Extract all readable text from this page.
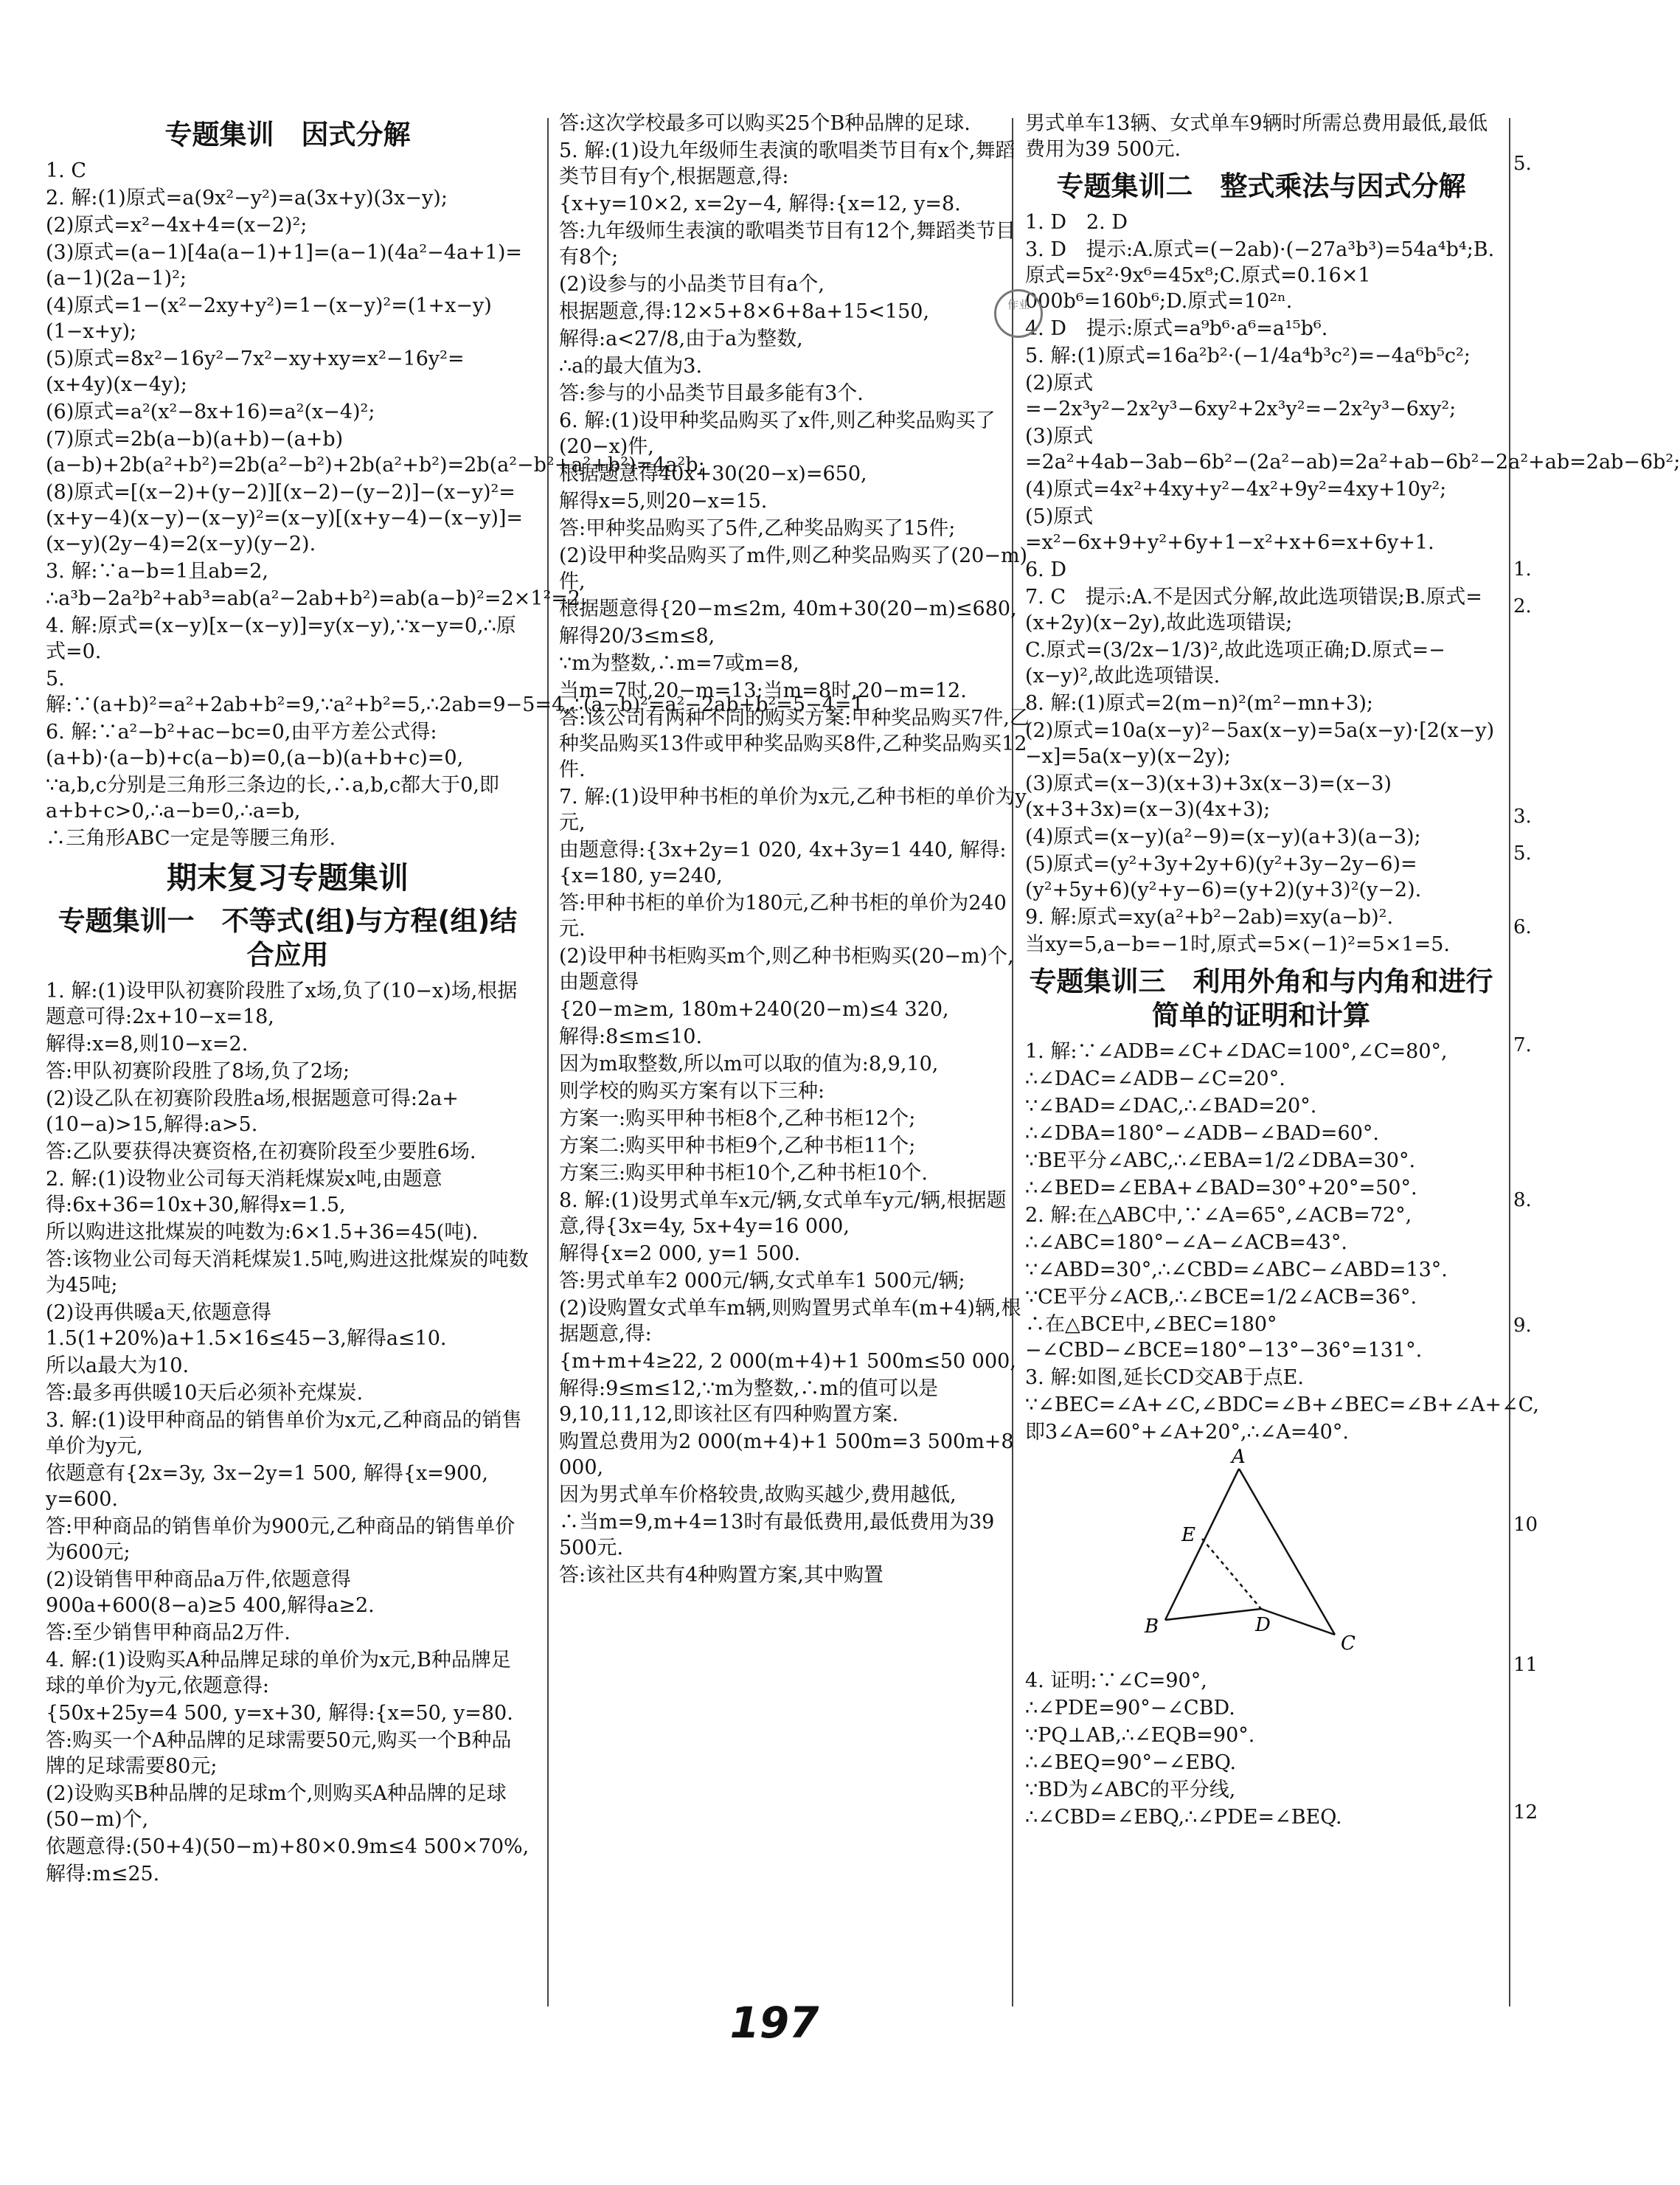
专题集训　因式分解

1. C

2. 解:(1)原式=a(9x²−y²)=a(3x+y)(3x−y);

(2)原式=x²−4x+4=(x−2)²;

(3)原式=(a−1)[4a(a−1)+1]=(a−1)(4a²−4a+1)=(a−1)(2a−1)²;

(4)原式=1−(x²−2xy+y²)=1−(x−y)²=(1+x−y)(1−x+y);

(5)原式=8x²−16y²−7x²−xy+xy=x²−16y²=(x+4y)(x−4y);

(6)原式=a²(x²−8x+16)=a²(x−4)²;

(7)原式=2b(a−b)(a+b)−(a+b)(a−b)+2b(a²+b²)=2b(a²−b²)+2b(a²+b²)=2b(a²−b²+a²+b²)=4a²b;

(8)原式=[(x−2)+(y−2)][(x−2)−(y−2)]−(x−y)²=(x+y−4)(x−y)−(x−y)²=(x−y)[(x+y−4)−(x−y)]=(x−y)(2y−4)=2(x−y)(y−2).

3. 解:∵a−b=1且ab=2,

∴a³b−2a²b²+ab³=ab(a²−2ab+b²)=ab(a−b)²=2×1²=2.

4. 解:原式=(x−y)[x−(x−y)]=y(x−y),∵x−y=0,∴原式=0.

5. 解:∵(a+b)²=a²+2ab+b²=9,∵a²+b²=5,∴2ab=9−5=4,∴(a−b)²=a²−2ab+b²=5−4=1.

6. 解:∵a²−b²+ac−bc=0,由平方差公式得:(a+b)·(a−b)+c(a−b)=0,(a−b)(a+b+c)=0,

∵a,b,c分别是三角形三条边的长,∴a,b,c都大于0,即a+b+c>0,∴a−b=0,∴a=b,

∴三角形ABC一定是等腰三角形.

期末复习专题集训
专题集训一　不等式(组)与方程(组)结合应用

1. 解:(1)设甲队初赛阶段胜了x场,负了(10−x)场,根据题意可得:2x+10−x=18,

解得:x=8,则10−x=2.

答:甲队初赛阶段胜了8场,负了2场;

(2)设乙队在初赛阶段胜a场,根据题意可得:2a+(10−a)>15,解得:a>5.

答:乙队要获得决赛资格,在初赛阶段至少要胜6场.

2. 解:(1)设物业公司每天消耗煤炭x吨,由题意得:6x+36=10x+30,解得x=1.5,

所以购进这批煤炭的吨数为:6×1.5+36=45(吨).

答:该物业公司每天消耗煤炭1.5吨,购进这批煤炭的吨数为45吨;

(2)设再供暖a天,依题意得1.5(1+20%)a+1.5×16≤45−3,解得a≤10.

所以a最大为10.

答:最多再供暖10天后必须补充煤炭.

3. 解:(1)设甲种商品的销售单价为x元,乙种商品的销售单价为y元,

依题意有{2x=3y, 3x−2y=1 500, 解得{x=900, y=600.

答:甲种商品的销售单价为900元,乙种商品的销售单价为600元;

(2)设销售甲种商品a万件,依题意得900a+600(8−a)≥5 400,解得a≥2.

答:至少销售甲种商品2万件.

4. 解:(1)设购买A种品牌足球的单价为x元,B种品牌足球的单价为y元,依题意得:

{50x+25y=4 500, y=x+30, 解得:{x=50, y=80.

答:购买一个A种品牌的足球需要50元,购买一个B种品牌的足球需要80元;

(2)设购买B种品牌的足球m个,则购买A种品牌的足球(50−m)个,

依题意得:(50+4)(50−m)+80×0.9m≤4 500×70%,

解得:m≤25.

答:这次学校最多可以购买25个B种品牌的足球.

5. 解:(1)设九年级师生表演的歌唱类节目有x个,舞蹈类节目有y个,根据题意,得:

{x+y=10×2, x=2y−4, 解得:{x=12, y=8.

答:九年级师生表演的歌唱类节目有12个,舞蹈类节目有8个;

(2)设参与的小品类节目有a个,

根据题意,得:12×5+8×6+8a+15<150,

解得:a<27/8,由于a为整数,

∴a的最大值为3.

答:参与的小品类节目最多能有3个.

6. 解:(1)设甲种奖品购买了x件,则乙种奖品购买了(20−x)件,

根据题意得40x+30(20−x)=650,

解得x=5,则20−x=15.

答:甲种奖品购买了5件,乙种奖品购买了15件;

(2)设甲种奖品购买了m件,则乙种奖品购买了(20−m)件,

根据题意得{20−m≤2m, 40m+30(20−m)≤680,

解得20/3≤m≤8,

∵m为整数,∴m=7或m=8,

当m=7时,20−m=13;当m=8时,20−m=12.

答:该公司有两种不同的购买方案:甲种奖品购买7件,乙种奖品购买13件或甲种奖品购买8件,乙种奖品购买12件.

7. 解:(1)设甲种书柜的单价为x元,乙种书柜的单价为y元,

由题意得:{3x+2y=1 020, 4x+3y=1 440, 解得:{x=180, y=240,

答:甲种书柜的单价为180元,乙种书柜的单价为240元.

(2)设甲种书柜购买m个,则乙种书柜购买(20−m)个,由题意得

{20−m≥m, 180m+240(20−m)≤4 320,

解得:8≤m≤10.

因为m取整数,所以m可以取的值为:8,9,10,

则学校的购买方案有以下三种:

方案一:购买甲种书柜8个,乙种书柜12个;

方案二:购买甲种书柜9个,乙种书柜11个;

方案三:购买甲种书柜10个,乙种书柜10个.

8. 解:(1)设男式单车x元/辆,女式单车y元/辆,根据题意,得{3x=4y, 5x+4y=16 000,

解得{x=2 000, y=1 500.

答:男式单车2 000元/辆,女式单车1 500元/辆;

(2)设购置女式单车m辆,则购置男式单车(m+4)辆,根据题意,得:

{m+m+4≥22, 2 000(m+4)+1 500m≤50 000,

解得:9≤m≤12,∵m为整数,∴m的值可以是9,10,11,12,即该社区有四种购置方案.

购置总费用为2 000(m+4)+1 500m=3 500m+8 000,

因为男式单车价格较贵,故购买越少,费用越低,

∴当m=9,m+4=13时有最低费用,最低费用为39 500元.

答:该社区共有4种购置方案,其中购置

男式单车13辆、女式单车9辆时所需总费用最低,最低费用为39 500元.

专题集训二　整式乘法与因式分解

1. D　2. D

3. D　提示:A.原式=(−2ab)·(−27a³b³)=54a⁴b⁴;B.原式=5x²·9x⁶=45x⁸;C.原式=0.16×1 000b⁶=160b⁶;D.原式=10²ⁿ.

4. D　提示:原式=a⁹b⁶·a⁶=a¹⁵b⁶.

5. 解:(1)原式=16a²b²·(−1/4a⁴b³c²)=−4a⁶b⁵c²;

(2)原式=−2x³y²−2x²y³−6xy²+2x³y²=−2x²y³−6xy²;

(3)原式=2a²+4ab−3ab−6b²−(2a²−ab)=2a²+ab−6b²−2a²+ab=2ab−6b²;

(4)原式=4x²+4xy+y²−4x²+9y²=4xy+10y²;

(5)原式=x²−6x+9+y²+6y+1−x²+x+6=x+6y+1.

6. D

7. C　提示:A.不是因式分解,故此选项错误;B.原式=(x+2y)(x−2y),故此选项错误;

C.原式=(3/2x−1/3)²,故此选项正确;D.原式=−(x−y)²,故此选项错误.

8. 解:(1)原式=2(m−n)²(m²−mn+3);

(2)原式=10a(x−y)²−5ax(x−y)=5a(x−y)·[2(x−y)−x]=5a(x−y)(x−2y);

(3)原式=(x−3)(x+3)+3x(x−3)=(x−3)(x+3+3x)=(x−3)(4x+3);

(4)原式=(x−y)(a²−9)=(x−y)(a+3)(a−3);

(5)原式=(y²+3y+2y+6)(y²+3y−2y−6)=(y²+5y+6)(y²+y−6)=(y+2)(y+3)²(y−2).

9. 解:原式=xy(a²+b²−2ab)=xy(a−b)².

当xy=5,a−b=−1时,原式=5×(−1)²=5×1=5.

专题集训三　利用外角和与内角和进行简单的证明和计算

1. 解:∵∠ADB=∠C+∠DAC=100°,∠C=80°,

∴∠DAC=∠ADB−∠C=20°.

∵∠BAD=∠DAC,∴∠BAD=20°.

∴∠DBA=180°−∠ADB−∠BAD=60°.

∵BE平分∠ABC,∴∠EBA=1/2∠DBA=30°.

∴∠BED=∠EBA+∠BAD=30°+20°=50°.

2. 解:在△ABC中,∵∠A=65°,∠ACB=72°,

∴∠ABC=180°−∠A−∠ACB=43°.

∵∠ABD=30°,∴∠CBD=∠ABC−∠ABD=13°.

∵CE平分∠ACB,∴∠BCE=1/2∠ACB=36°.

∴在△BCE中,∠BEC=180°−∠CBD−∠BCE=180°−13°−36°=131°.

3. 解:如图,延长CD交AB于点E.

∵∠BEC=∠A+∠C,∠BDC=∠B+∠BEC=∠B+∠A+∠C,

即3∠A=60°+∠A+20°,∴∠A=40°.

A
B
C
D
E

4. 证明:∵∠C=90°,

∴∠PDE=90°−∠CBD.

∵PQ⊥AB,∴∠EQB=90°.

∴∠BEQ=90°−∠EBQ.

∵BD为∠ABC的平分线,

∴∠CBD=∠EBQ,∴∠PDE=∠BEQ.

作业
5.
1.
2.
3.
5.
6.
7.
8.
9.
10
11
12
197
